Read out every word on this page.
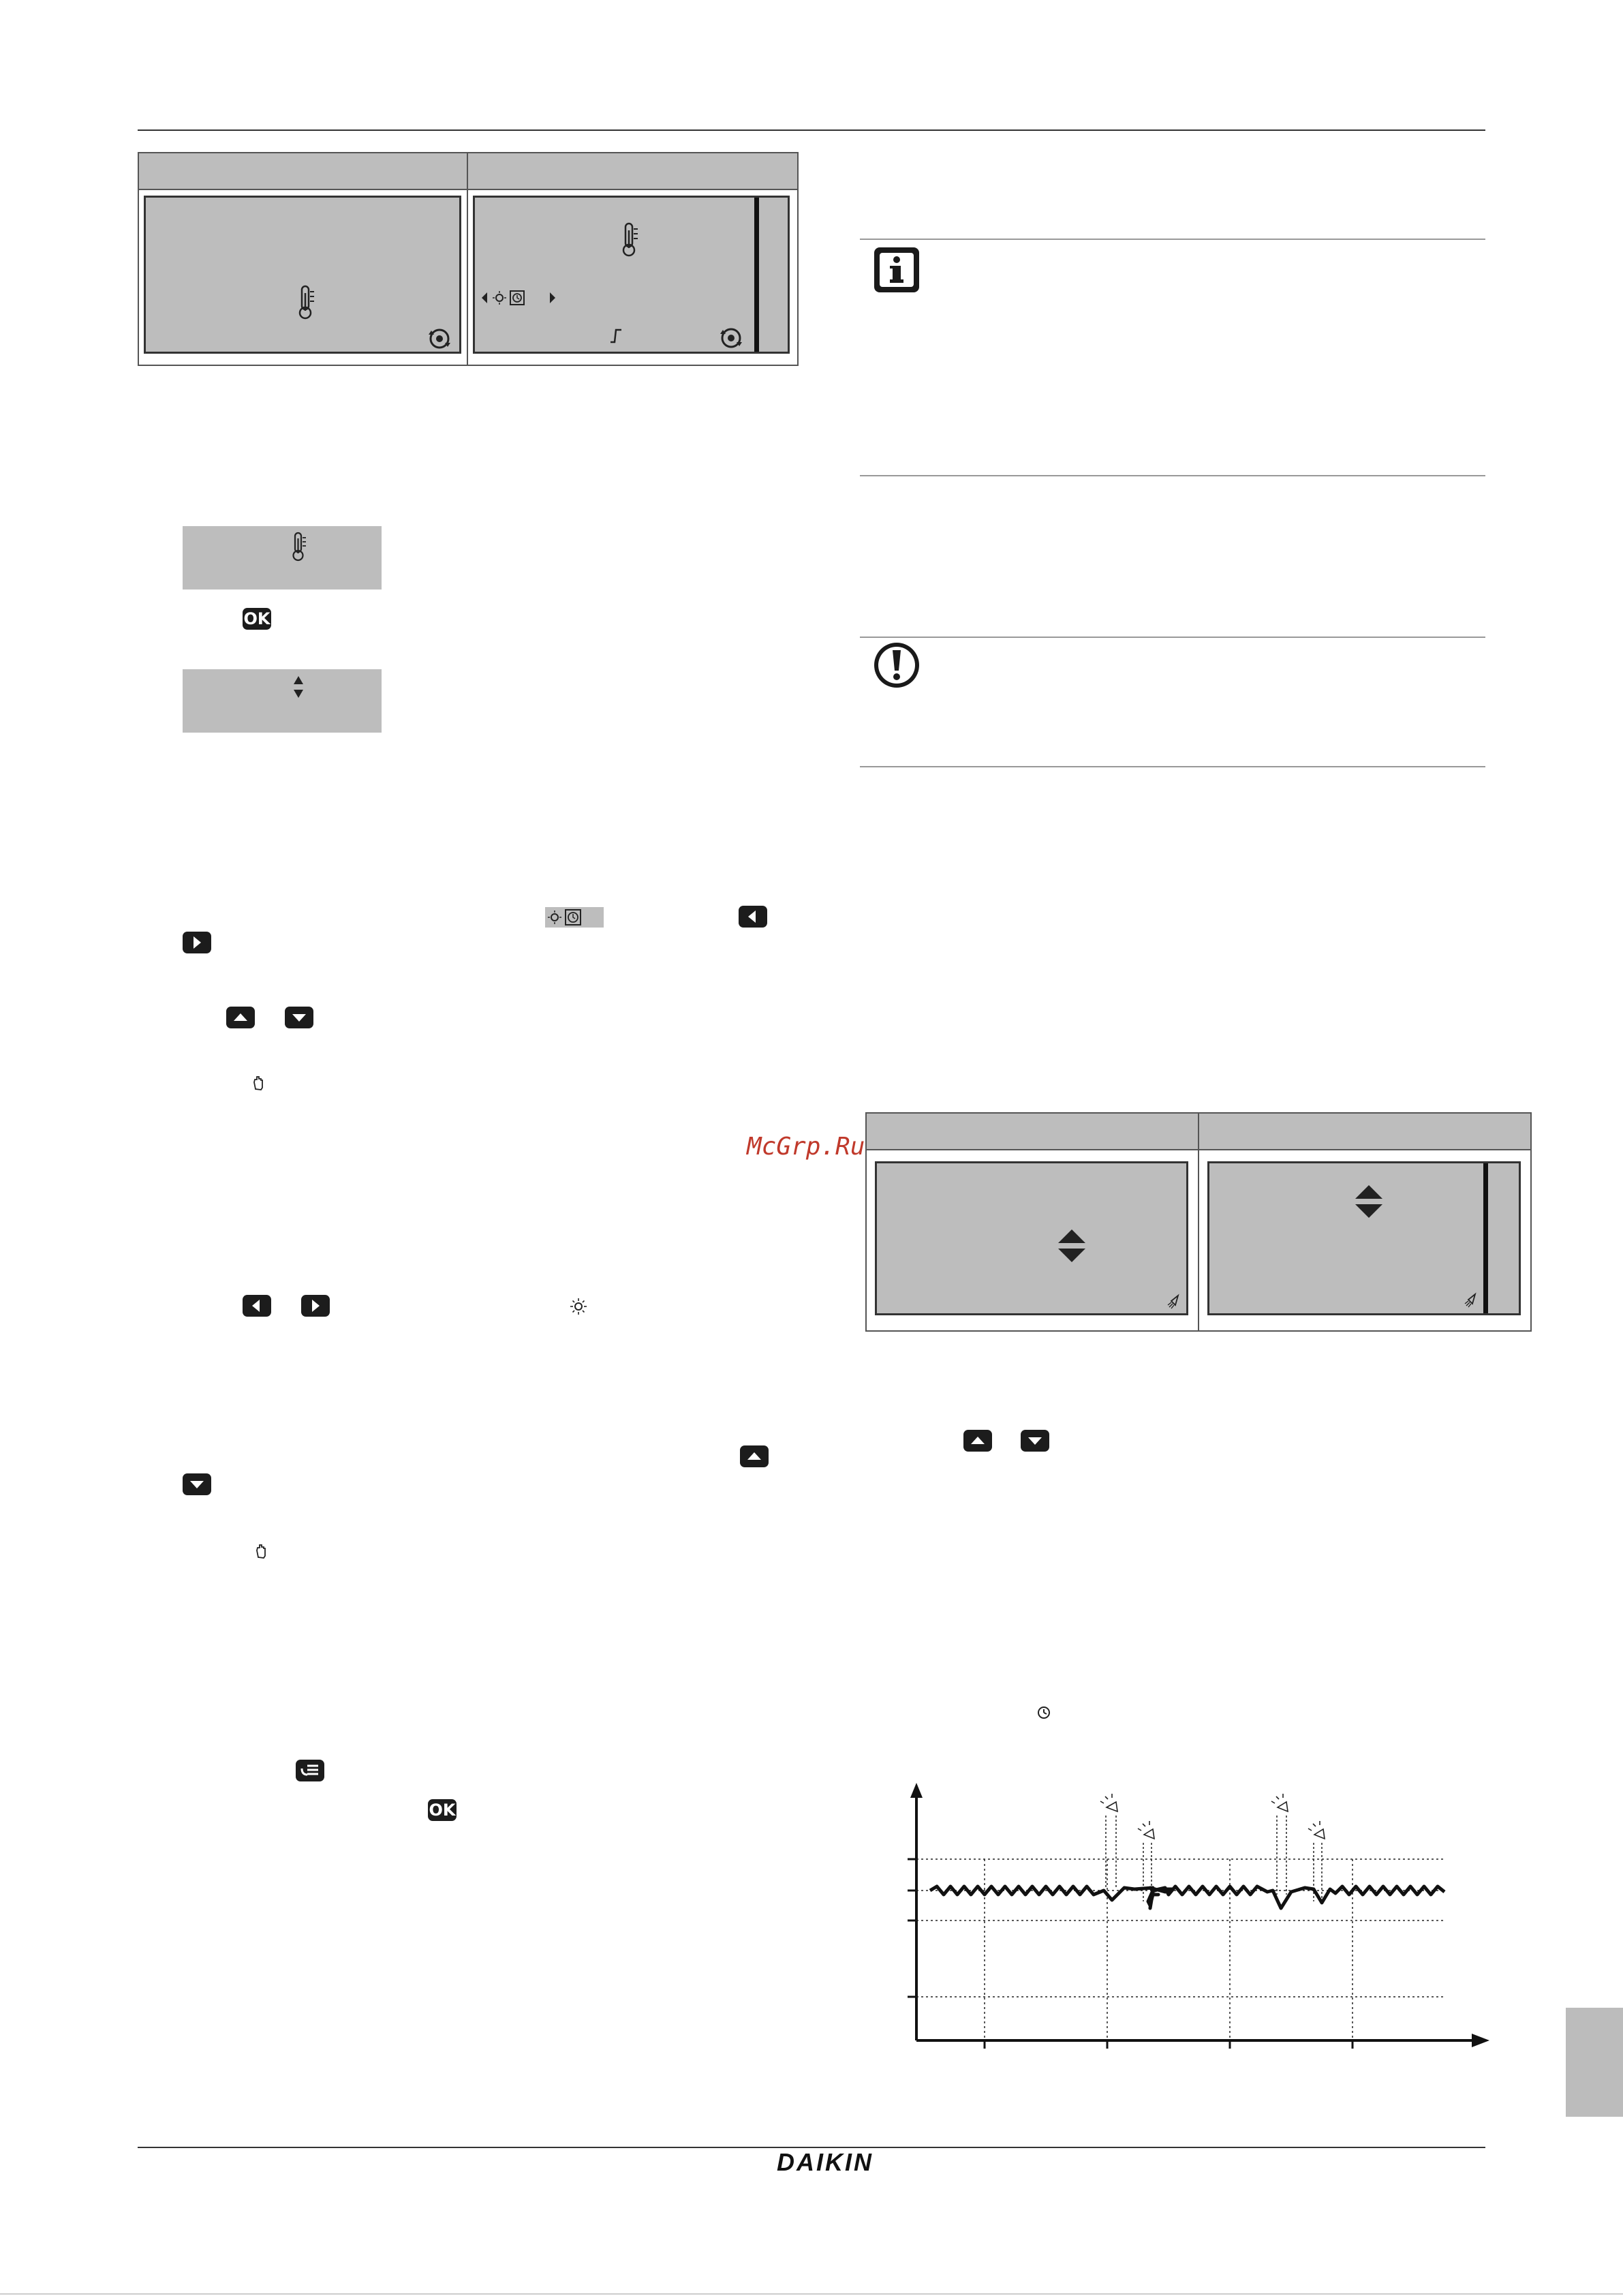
OK
OK
McGrp.Ru
DAIKIN
